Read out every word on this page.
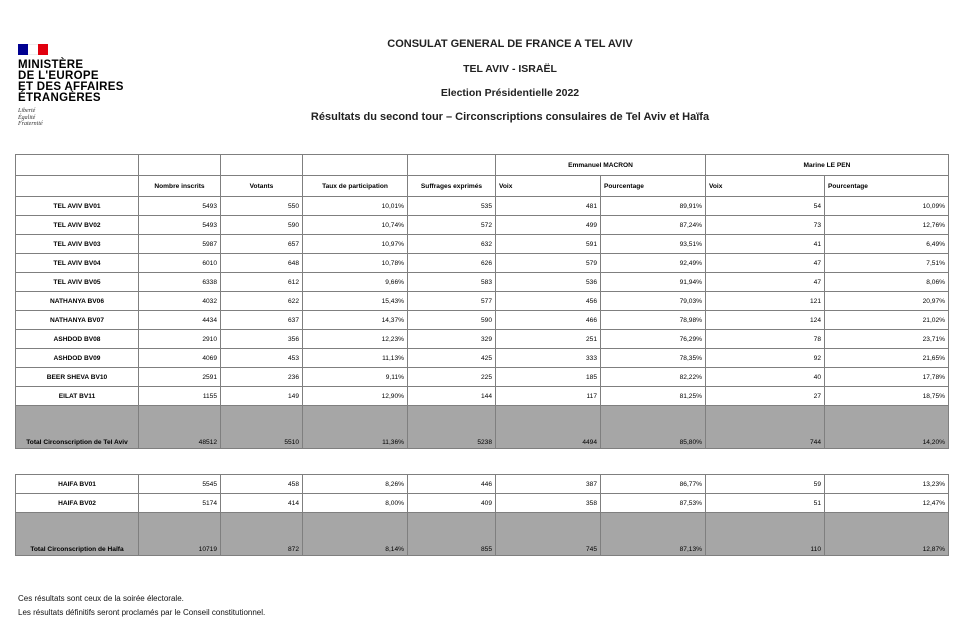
MINISTÈRE
DE L'EUROPE
ET DES AFFAIRES
ÉTRANGÈRES
Liberté
Égalité
Fraternité
CONSULAT GENERAL DE FRANCE A TEL AVIV
TEL AVIV - ISRAËL
Election Présidentielle 2022
Résultats du second tour – Circonscriptions consulaires de Tel Aviv et Haïfa
					Emmanuel MACRON		Marine LE PEN	
	Nombre inscrits	Votants	Taux de participation	Suffrages exprimés	Voix	Pourcentage	Voix	Pourcentage
TEL AVIV BV01	5493	550	10,01%	535	481	89,91%	54	10,09%
TEL AVIV BV02	5493	590	10,74%	572	499	87,24%	73	12,76%
TEL AVIV BV03	5987	657	10,97%	632	591	93,51%	41	6,49%
TEL AVIV BV04	6010	648	10,78%	626	579	92,49%	47	7,51%
TEL AVIV BV05	6338	612	9,66%	583	536	91,94%	47	8,06%
NATHANYA BV06	4032	622	15,43%	577	456	79,03%	121	20,97%
NATHANYA BV07	4434	637	14,37%	590	466	78,98%	124	21,02%
ASHDOD BV08	2910	356	12,23%	329	251	76,29%	78	23,71%
ASHDOD BV09	4069	453	11,13%	425	333	78,35%	92	21,65%
BEER SHEVA BV10	2591	236	9,11%	225	185	82,22%	40	17,78%
EILAT BV11	1155	149	12,90%	144	117	81,25%	27	18,75%
Total Circonscription de Tel Aviv	48512	5510	11,36%	5238	4494	85,80%	744	14,20%
HAIFA BV01	5545	458	8,26%	446	387	86,77%	59	13,23%
HAIFA BV02	5174	414	8,00%	409	358	87,53%	51	12,47%
Total Circonscription de Haïfa	10719	872	8,14%	855	745	87,13%	110	12,87%
Ces résultats sont ceux de la soirée électorale.
Les résultats définitifs seront proclamés par le Conseil constitutionnel.
